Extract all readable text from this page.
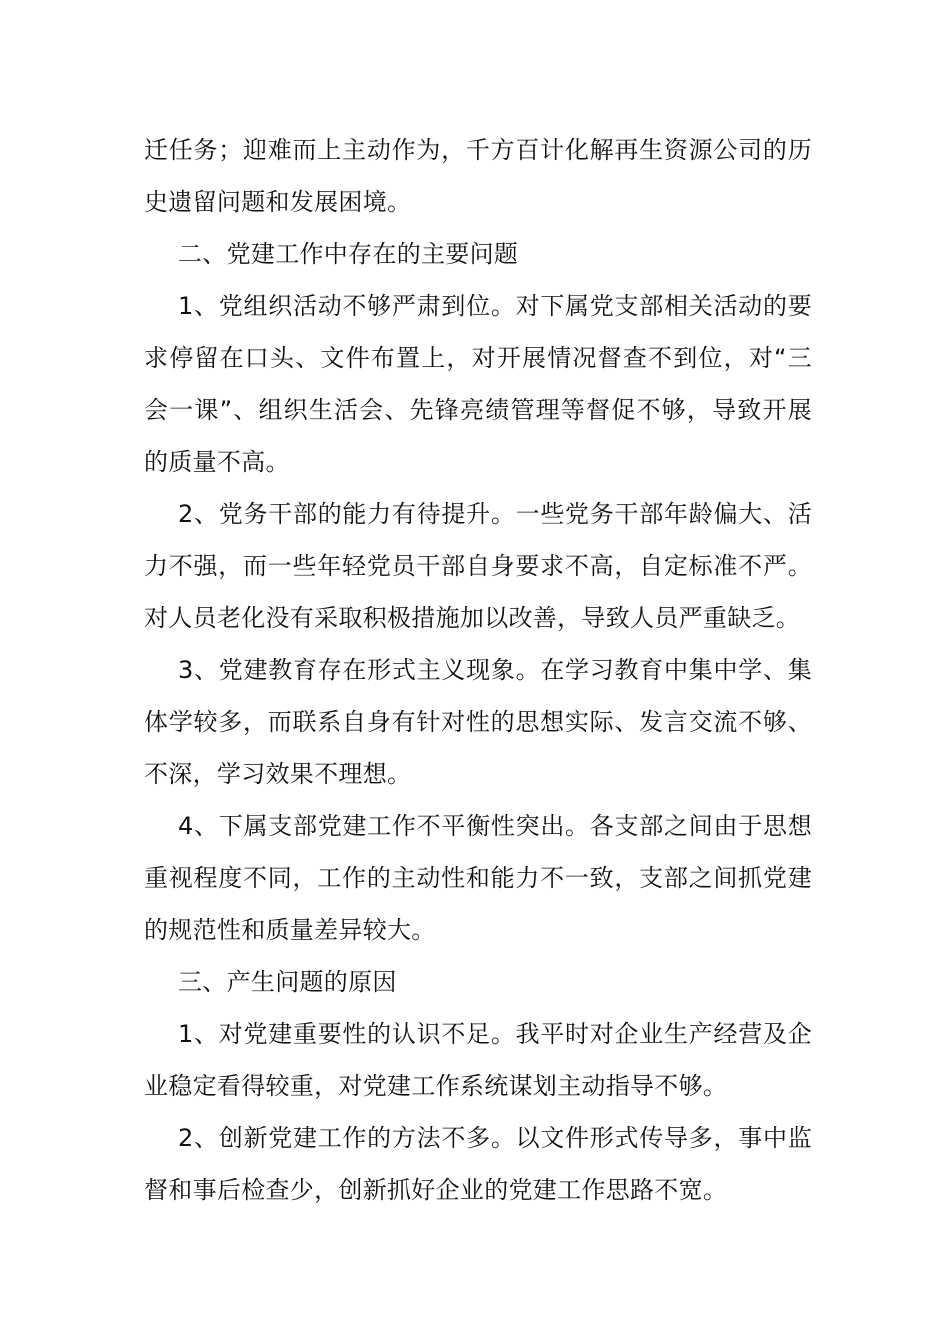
迁任务；迎难而上主动作为，千方百计化解再生资源公司的历史遗留问题和发展困境。

二、党建工作中存在的主要问题

1、党组织活动不够严肃到位。对下属党支部相关活动的要求停留在口头、文件布置上，对开展情况督查不到位，对“三会一课”、组织生活会、先锋亮绩管理等督促不够，导致开展的质量不高。

2、党务干部的能力有待提升。一些党务干部年龄偏大、活力不强，而一些年轻党员干部自身要求不高，自定标准不严。对人员老化没有采取积极措施加以改善，导致人员严重缺乏。

3、党建教育存在形式主义现象。在学习教育中集中学、集体学较多，而联系自身有针对性的思想实际、发言交流不够、不深，学习效果不理想。

4、下属支部党建工作不平衡性突出。各支部之间由于思想重视程度不同，工作的主动性和能力不一致，支部之间抓党建的规范性和质量差异较大。

三、产生问题的原因

1、对党建重要性的认识不足。我平时对企业生产经营及企业稳定看得较重，对党建工作系统谋划主动指导不够。

2、创新党建工作的方法不多。以文件形式传导多，事中监督和事后检查少，创新抓好企业的党建工作思路不宽。
